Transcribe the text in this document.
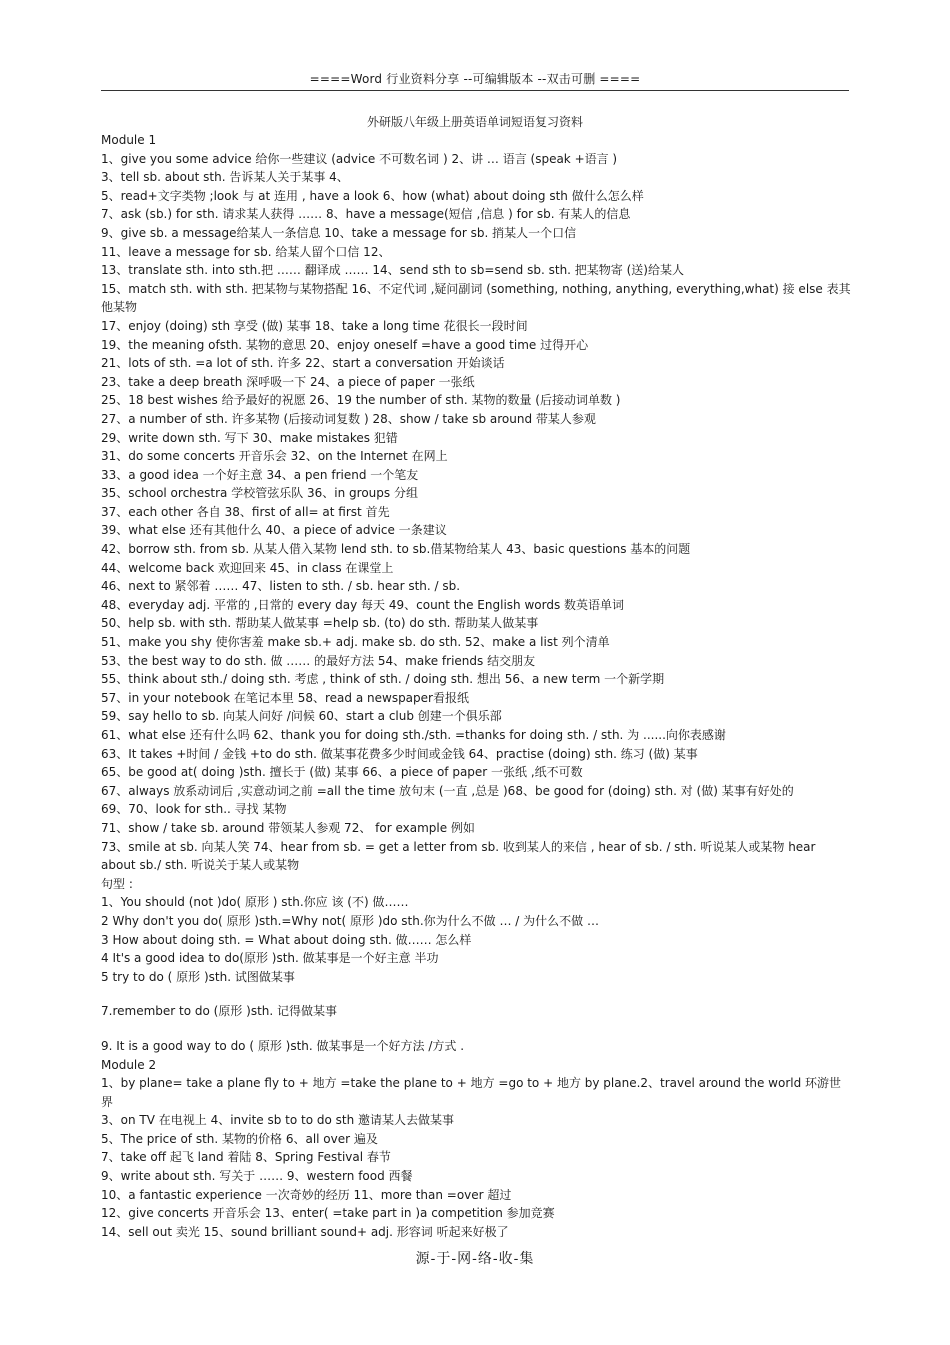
====Word 行业资料分享 --可编辑版本 --双击可删 ====
外研版八年级上册英语单词短语复习资料
Module 1
1、give you some advice 给你一些建议 (advice 不可数名词 ) 2、讲 … 语言 (speak +语言 )
3、tell sb. about sth. 告诉某人关于某事 4、
5、read+文字类物 ;look 与 at 连用 , have a look 6、how (what) about doing sth 做什么怎么样
7、ask (sb.) for sth. 请求某人获得 …… 8、have a message(短信 ,信息 ) for sb. 有某人的信息
9、give sb. a message给某人一条信息 10、take a message for sb. 捎某人一个口信
11、leave a message for sb. 给某人留个口信 12、
13、translate sth. into sth.把 …… 翻译成 …… 14、send sth to sb=send sb. sth. 把某物寄 (送)给某人
15、match sth. with sth. 把某物与某物搭配 16、不定代词 ,疑问副词 (something, nothing, anything, everything,what) 接 else 表其他某物
17、enjoy (doing) sth 享受 (做) 某事 18、take a long time 花很长一段时间
19、the meaning ofsth. 某物的意思 20、enjoy oneself =have a good time 过得开心
21、lots of sth. =a lot of sth. 许多 22、start a conversation 开始谈话
23、take a deep breath 深呼吸一下 24、a piece of paper 一张纸
25、18 best wishes 给予最好的祝愿 26、19 the number of sth. 某物的数量 (后接动词单数 )
27、a number of sth. 许多某物 (后接动词复数 ) 28、show / take sb around 带某人参观
29、write down sth. 写下 30、make mistakes 犯错
31、do some concerts 开音乐会 32、on the Internet 在网上
33、a good idea 一个好主意 34、a pen friend 一个笔友
35、school orchestra 学校管弦乐队 36、in groups 分组
37、each other 各自 38、first of all= at first 首先
39、what else 还有其他什么 40、a piece of advice 一条建议
42、borrow sth. from sb. 从某人借入某物 lend sth. to sb.借某物给某人 43、basic questions 基本的问题
44、welcome back 欢迎回来 45、in class 在课堂上
46、next to 紧邻着 …… 47、listen to sth. / sb. hear sth. / sb.
48、everyday adj. 平常的 ,日常的 every day 每天 49、count the English words 数英语单词
50、help sb. with sth. 帮助某人做某事 =help sb. (to) do sth. 帮助某人做某事
51、make you shy 使你害羞 make sb.+ adj. make sb. do sth. 52、make a list 列个清单
53、the best way to do sth. 做 …… 的最好方法 54、make friends 结交朋友
55、think about sth./ doing sth. 考虑 , think of sth. / doing sth. 想出 56、a new term 一个新学期
57、in your notebook 在笔记本里 58、read a newspaper看报纸
59、say hello to sb. 向某人问好 /问候 60、start a club 创建一个俱乐部
61、what else 还有什么吗 62、thank you for doing sth./sth. =thanks for doing sth. / sth. 为 ......向你表感谢
63、It takes +时间 / 金钱 +to do sth. 做某事花费多少时间或金钱 64、practise (doing) sth. 练习 (做) 某事
65、be good at( doing )sth. 擅长于 (做) 某事 66、a piece of paper 一张纸 ,纸不可数
67、always 放系动词后 ,实意动词之前 =all the time 放句末 (一直 ,总是 )68、be good for (doing) sth. 对 (做) 某事有好处的
69、70、look for sth.. 寻找 某物
71、show / take sb. around 带领某人参观 72、 for example 例如
73、smile at sb. 向某人笑 74、hear from sb. = get a letter from sb. 收到某人的来信 , hear of sb. / sth. 听说某人或某物 hear about sb./ sth. 听说关于某人或某物
句型 :
1、You should (not )do( 原形 ) sth.你应 该 (不) 做……
2 Why don't you do( 原形 )sth.=Why not( 原形 )do sth.你为什么不做 … / 为什么不做 …
3 How about doing sth. = What about doing sth. 做…… 怎么样
4 It's a good idea to do(原形 )sth. 做某事是一个好主意 半功
5 try to do ( 原形 )sth. 试图做某事
7.remember to do (原形 )sth. 记得做某事
9. It is a good way to do ( 原形 )sth. 做某事是一个好方法 /方式 .
Module 2
1、by plane= take a plane fly to + 地方 =take the plane to + 地方 =go to + 地方 by plane.2、travel around the world 环游世界
3、on TV 在电视上 4、invite sb to to do sth 邀请某人去做某事
5、The price of sth. 某物的价格 6、all over 遍及
7、take off 起飞 land 着陆 8、Spring Festival 春节
9、write about sth. 写关于 …… 9、western food 西餐
10、a fantastic experience 一次奇妙的经历 11、more than =over 超过
12、give concerts 开音乐会 13、enter( =take part in )a competition 参加竞赛
14、sell out 卖光 15、sound brilliant sound+ adj. 形容词 听起来好极了
源-于-网-络-收-集
